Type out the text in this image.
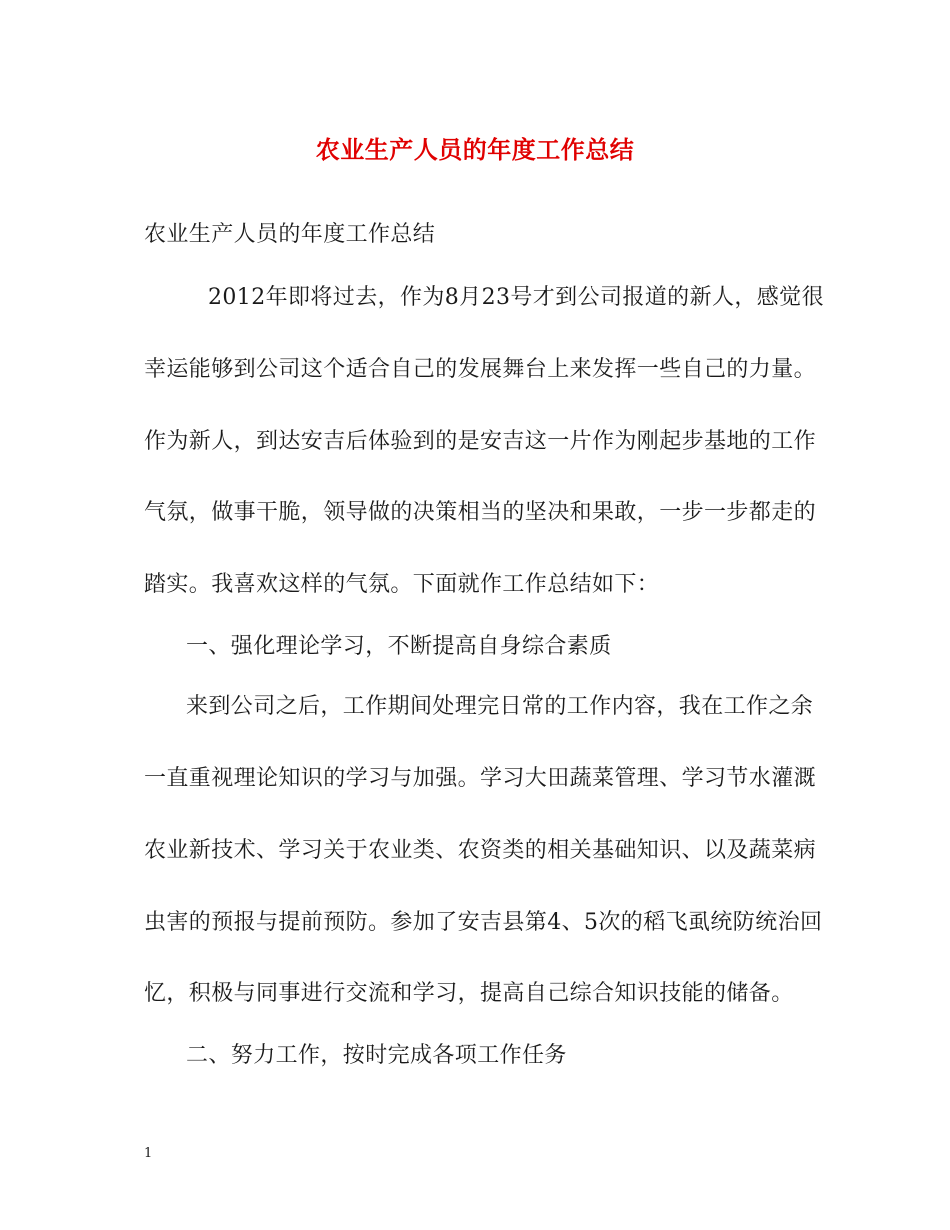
农业生产人员的年度工作总结
农业生产人员的年度工作总结
2012年即将过去，作为8月23号才到公司报道的新人，感觉很
幸运能够到公司这个适合自己的发展舞台上来发挥一些自己的力量。
作为新人，到达安吉后体验到的是安吉这一片作为刚起步基地的工作
气氛，做事干脆，领导做的决策相当的坚决和果敢，一步一步都走的
踏实。我喜欢这样的气氛。下面就作工作总结如下：
一、强化理论学习，不断提高自身综合素质
来到公司之后，工作期间处理完日常的工作内容，我在工作之余
一直重视理论知识的学习与加强。学习大田蔬菜管理、学习节水灌溉
农业新技术、学习关于农业类、农资类的相关基础知识、以及蔬菜病
虫害的预报与提前预防。参加了安吉县第4、5次的稻飞虱统防统治回
忆，积极与同事进行交流和学习，提高自己综合知识技能的储备。
二、努力工作，按时完成各项工作任务
1
